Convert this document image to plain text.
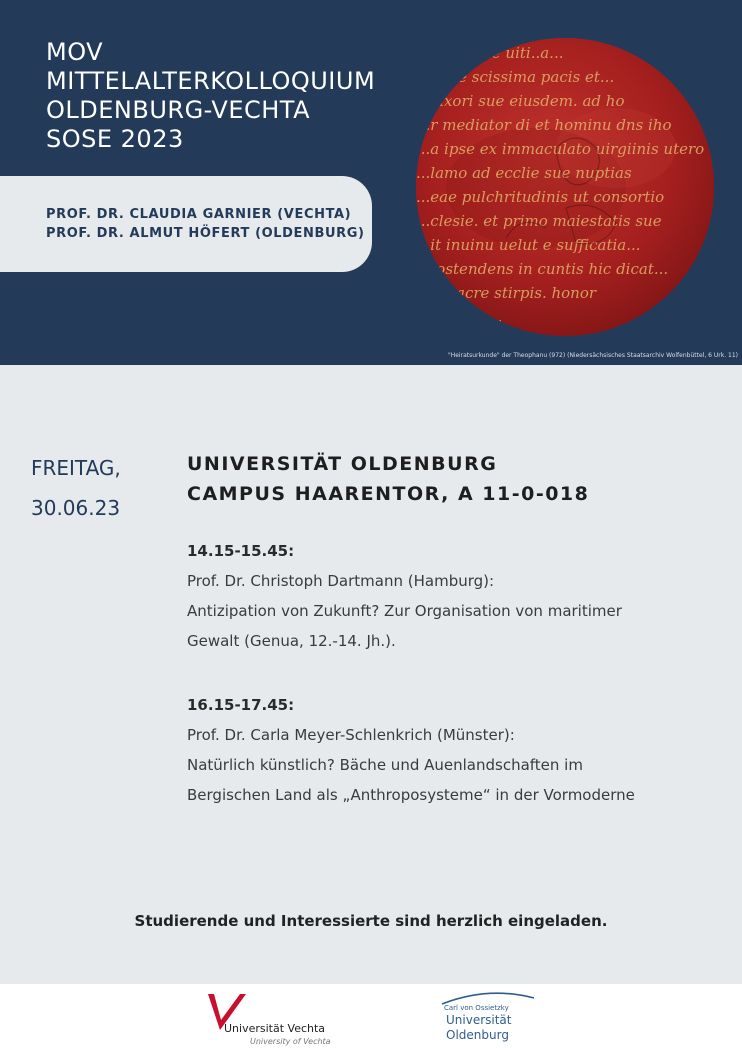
MOV
MITTELALTERKOLLOQUIUM
OLDENBURG-VECHTA
SOSE 2023
PROF. DR. CLAUDIA GARNIER (VECHTA)
PROF. DR. ALMUT HÖFERT (OLDENBURG)
...nature uiti..a...
...eae scissima pacis et...
...uxori sue eiusdem. ad ho
...r mediator di et hominu dns iho
...a ipse ex immaculato uirgiinis utero
...lamo ad ecclie sue nuptias
...eae pulchritudinis ut consortio
...clesie. et primo maiestatis sue
...it inuinu uelut e sufficatia...
...ostendens in cuntis hic dicat...
...sacre stirpis. honor
...ae...
"Heiratsurkunde" der Theophanu (972) (Niedersächsisches Staatsarchiv Wolfenbüttel, 6 Urk. 11)
FREITAG,
30.06.23
UNIVERSITÄT OLDENBURG
CAMPUS HAARENTOR, A 11-0-018
14.15-15.45:
Prof. Dr. Christoph Dartmann (Hamburg):
Antizipation von Zukunft? Zur Organisation von maritimer
Gewalt (Genua, 12.-14. Jh.).
16.15-17.45:
Prof. Dr. Carla Meyer-Schlenkrich (Münster):
Natürlich künstlich? Bäche und Auenlandschaften im
Bergischen Land als „Anthroposysteme“ in der Vormoderne
Studierende und Interessierte sind herzlich eingeladen.
Universität Vechta
University of Vechta
Carl von Ossietzky
Universität
Oldenburg
